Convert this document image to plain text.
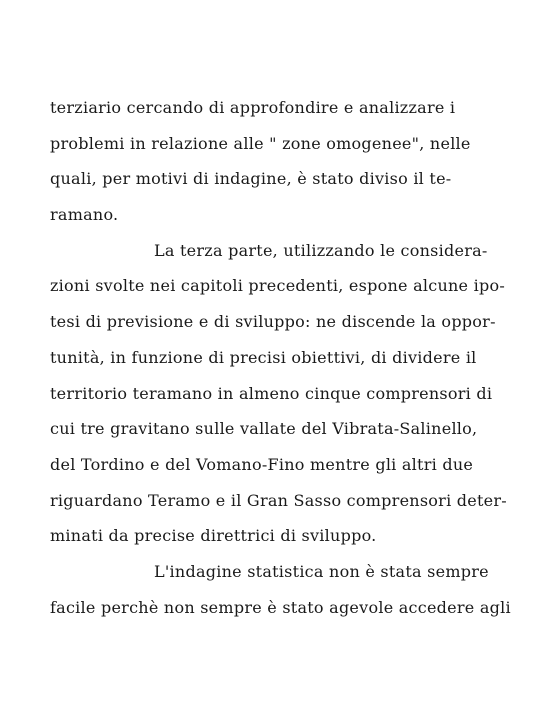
terziario cercando di approfondire e analizzare i
problemi in relazione alle " zone omogenee", nelle
quali, per motivi di indagine, è stato diviso il te-
ramano.
La terza parte, utilizzando le considera-
zioni svolte nei capitoli precedenti, espone alcune ipo-
tesi di previsione e di sviluppo: ne discende la oppor-
tunità, in funzione di precisi obiettivi, di dividere il
territorio teramano in almeno cinque comprensori di
cui tre gravitano sulle vallate del Vibrata-Salinello,
del Tordino e del Vomano-Fino mentre gli altri due
riguardano Teramo e il Gran Sasso comprensori deter-
minati da precise direttrici di sviluppo.
L'indagine statistica non è stata sempre
facile perchè non sempre è stato agevole accedere agli
